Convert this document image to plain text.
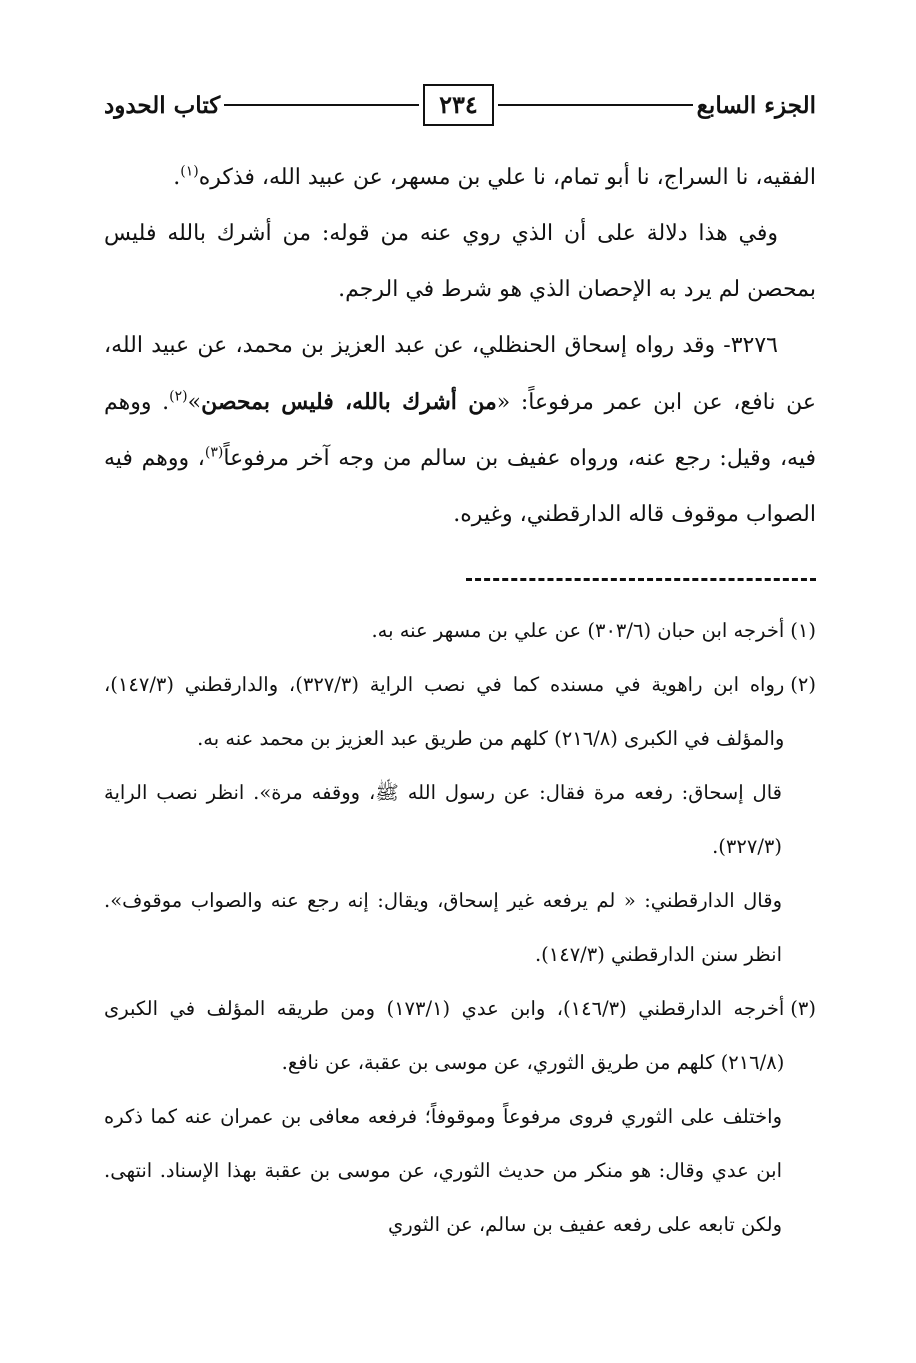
الجزء السابع
٢٣٤
كتاب الحدود

الفقيه، نا السراج، نا أبو تمام، نا علي بن مسهر، عن عبيد الله، فذكره$^{(١)}$.

وفي هذا دلالة على أن الذي روي عنه من قوله: من أشرك بالله فليس بمحصن لم يرد به الإحصان الذي هو شرط في الرجم.

٣٢٧٦- وقد رواه إسحاق الحنظلي، عن عبد العزيز بن محمد، عن عبيد الله، عن نافع، عن ابن عمر مرفوعاً: «من أشرك بالله، فليس بمحصن»$^{(٢)}$. ووهم فيه، وقيل: رجع عنه، ورواه عفيف بن سالم من وجه آخر مرفوعاً$^{(٣)}$، ووهم فيه الصواب موقوف قاله الدارقطني، وغيره.

(١)

أخرجه ابن حبان (٣٠٣/٦) عن علي بن مسهر عنه به.

(٢)

رواه ابن راهوية في مسنده كما في نصب الراية (٣٢٧/٣)، والدارقطني (١٤٧/٣)، والمؤلف في الكبرى (٢١٦/٨) كلهم من طريق عبد العزيز بن محمد عنه به.

قال إسحاق: رفعه مرة فقال: عن رسول الله ﷺ، ووقفه مرة». انظر نصب الراية (٣٢٧/٣).

وقال الدارقطني: « لم يرفعه غير إسحاق، ويقال: إنه رجع عنه والصواب موقوف». انظر سنن الدارقطني (١٤٧/٣).

(٣)

أخرجه الدارقطني (١٤٦/٣)، وابن عدي (١٧٣/١) ومن طريقه المؤلف في الكبرى (٢١٦/٨) كلهم من طريق الثوري، عن موسى بن عقبة، عن نافع.

واختلف على الثوري فروى مرفوعاً وموقوفاً؛ فرفعه معافى بن عمران عنه كما ذكره ابن عدي وقال: هو منكر من حديث الثوري، عن موسى بن عقبة بهذا الإسناد. انتهى. ولكن تابعه على رفعه عفيف بن سالم، عن الثوري
